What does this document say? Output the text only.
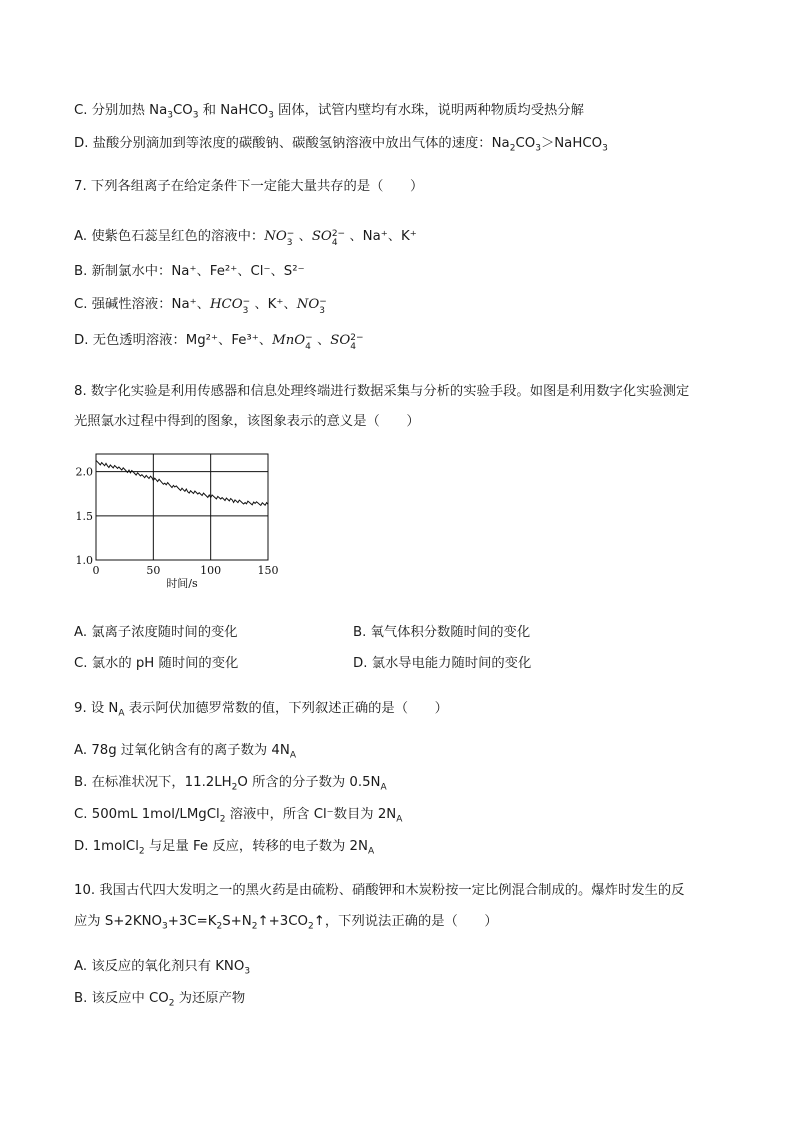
C. 分别加热 $Na_3CO_3$ 和 NaHCO$_3$ 固体，试管内壁均有水珠，说明两种物质均受热分解
D. 盐酸分别滴加到等浓度的碳酸钠、碳酸氢钠溶液中放出气体的速度：$Na_2CO_3>NaHCO_3$
7. 下列各组离子在给定条件下一定能大量共存的是（　　）
A. 使紫色石蕊呈红色的溶液中：NO −
3 、SO 2−
4 、Na⁺、K⁺
B. 新制氯水中：Na⁺、Fe²⁺、Cl⁻、S²⁻
C. 强碱性溶液：Na⁺、HCO −
3 、K⁺、NO −
3
D. 无色透明溶液：Mg²⁺、Fe³⁺、MnO −
4 、SO 2−
4
8. 数字化实验是利用传感器和信息处理终端进行数据采集与分析的实验手段。如图是利用数字化实验测定
光照氯水过程中得到的图象，该图象表示的意义是（　　）
0	50	100	150
1.0
1.5
2.0
时间/s
A. 氯离子浓度随时间的变化	B. 氧气体积分数随时间的变化
C. 氯水的 pH 随时间的变化	D. 氯水导电能力随时间的变化
9. 设 $N_A$ 表示阿伏加德罗常数的值，下列叙述正确的是（　　）
A. 78g 过氧化钠含有的离子数为 $4N_A$
B. 在标准状况下，$11.2LH_2O$ 所含的分子数为 $0.5N_A$
C. 500mL 1mol/LMgCl$_2$ 溶液中，所含 Cl⁻数目为 $2N_A$
D. 1molCl$_2$ 与足量 Fe 反应，转移的电子数为 $2N_A$
10. 我国古代四大发明之一的黑火药是由硫粉、硝酸钾和木炭粉按一定比例混合制成的。爆炸时发生的反
应为 $S+2KNO_3+3C=K_2S+N_2↑+3CO_2↑$，下列说法正确的是（　　）
A. 该反应的氧化剂只有 $KNO_3$
B. 该反应中 $CO_2$ 为还原产物
